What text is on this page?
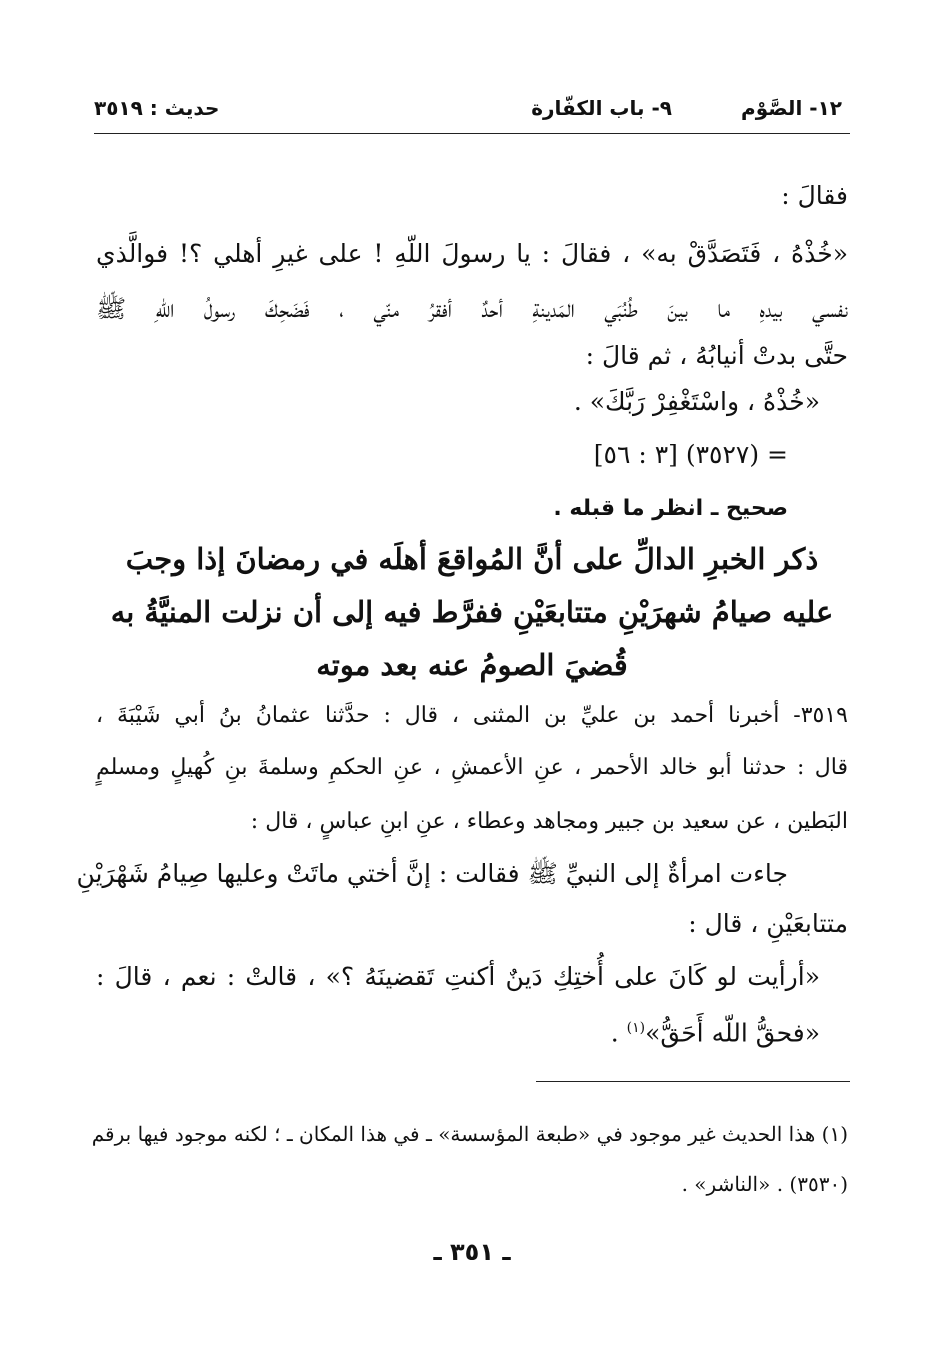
١٢- الصَّوْم
٩- باب الكفّارة
حديث : ٣٥١٩
فقالَ :
«خُذْهُ ، فَتَصَدَّقْ به» ، فقالَ : يا رسولَ اللّهِ ! على غيرِ أهلي ؟! فوالَّذي
نفسي بيدهِ ما بينَ طُنُبَي المَدينةِ أحدٌ أفقرُ منّي ، فَضَحِكَ رسولُ اللّهِ ﷺ
حتَّى بدتْ أنيابُهُ ، ثم قالَ :
«خُذْهُ ، واسْتَغْفِرْ رَبَّكَ» .
= (٣٥٢٧) [٣ : ٥٦]
صحيح ـ انظر ما قبله .
ذكر الخبرِ الدالِّ على أنَّ المُواقعَ أهلَه في رمضانَ إذا وجبَ
عليه صيامُ شهرَيْنِ متتابعَيْنِ ففرَّط فيه إلى أن نزلت المنيَّةُ به
قُضيَ الصومُ عنه بعد موته
٣٥١٩- أخبرنا أحمد بن عليِّ بن المثنى ، قال : حدَّثنا عثمانُ بنُ أبي شَيْبَةَ ،
قال : حدثنا أبو خالد الأحمر ، عنِ الأعمشِ ، عنِ الحكمِ وسلمةَ بنِ كُهيلٍ ومسلمٍ
البَطين ، عن سعيد بن جبير ومجاهد وعطاء ، عنِ ابنِ عباسٍ ، قال :
جاءت امرأةٌ إلى النبيِّ ﷺ فقالت : إنَّ أختي ماتَتْ وعليها صِيامُ شَهْرَيْنِ
متتابعَيْنِ ، قال :
«أرأيت لو كَانَ على أُختِكِ دَينٌ أكنتِ تَقضينَهُ ؟» ، قالتْ : نعم ، قالَ :
«فحقُّ اللّه أَحَقُّ»$^{(١)}$ .
(١) هذا الحديث غير موجود في «طبعة المؤسسة» ـ في هذا المكان ـ ؛ لكنه موجود فيها برقم
(٣٥٣٠) . «الناشر» .
ـ ٣٥١ ـ
